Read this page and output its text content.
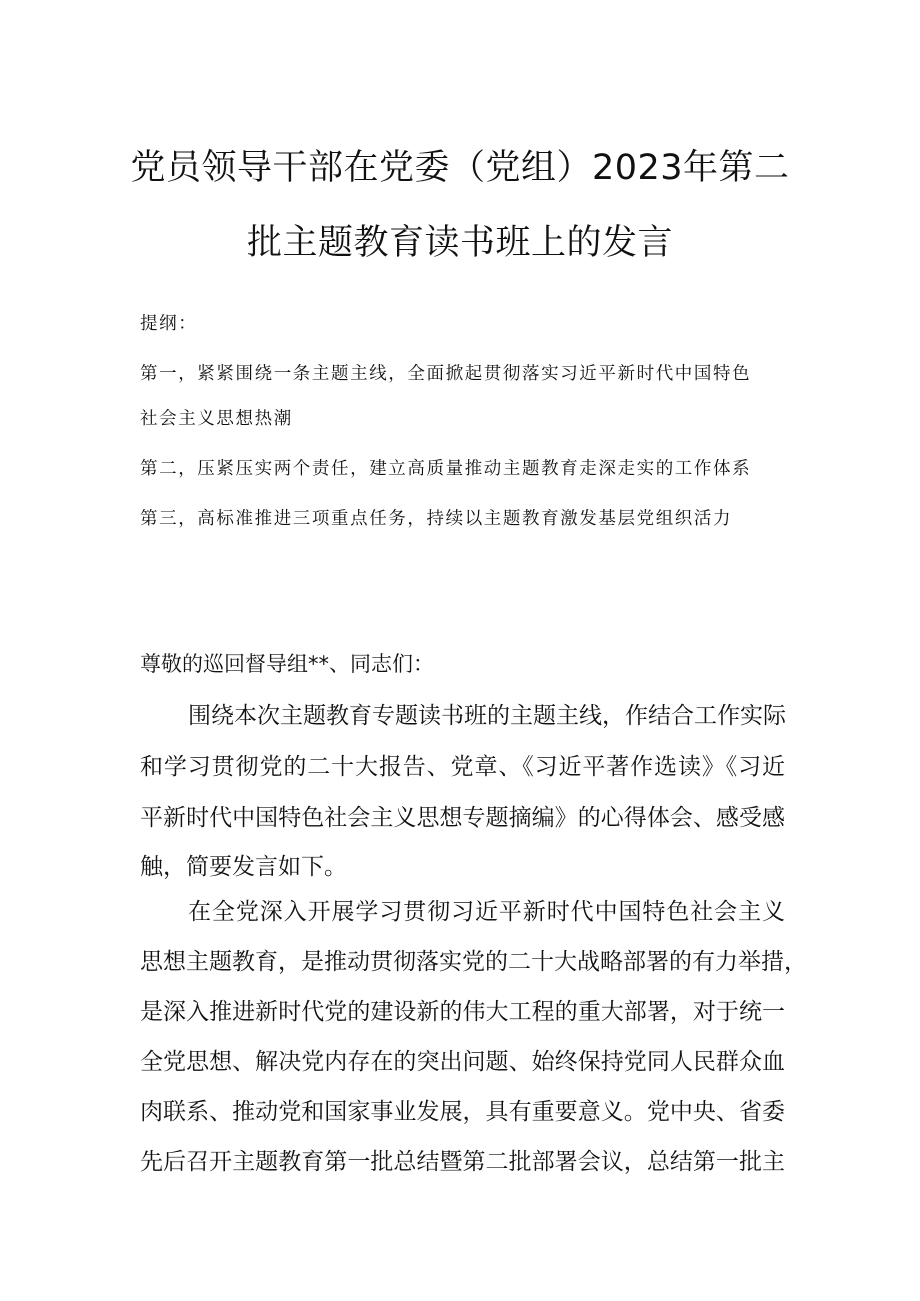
党员领导干部在党委（党组）2023年第二
批主题教育读书班上的发言
提纲：
第一，紧紧围绕一条主题主线，全面掀起贯彻落实习近平新时代中国特色
社会主义思想热潮
第二，压紧压实两个责任，建立高质量推动主题教育走深走实的工作体系
第三，高标准推进三项重点任务，持续以主题教育激发基层党组织活力
尊敬的巡回督导组**、同志们：
围绕本次主题教育专题读书班的主题主线，作结合工作实际
和学习贯彻党的二十大报告、党章、《习近平著作选读》《习近
平新时代中国特色社会主义思想专题摘编》的心得体会、感受感
触，简要发言如下。
在全党深入开展学习贯彻习近平新时代中国特色社会主义
思想主题教育，是推动贯彻落实党的二十大战略部署的有力举措，
是深入推进新时代党的建设新的伟大工程的重大部署，对于统一
全党思想、解决党内存在的突出问题、始终保持党同人民群众血
肉联系、推动党和国家事业发展，具有重要意义。党中央、省委
先后召开主题教育第一批总结暨第二批部署会议，总结第一批主
